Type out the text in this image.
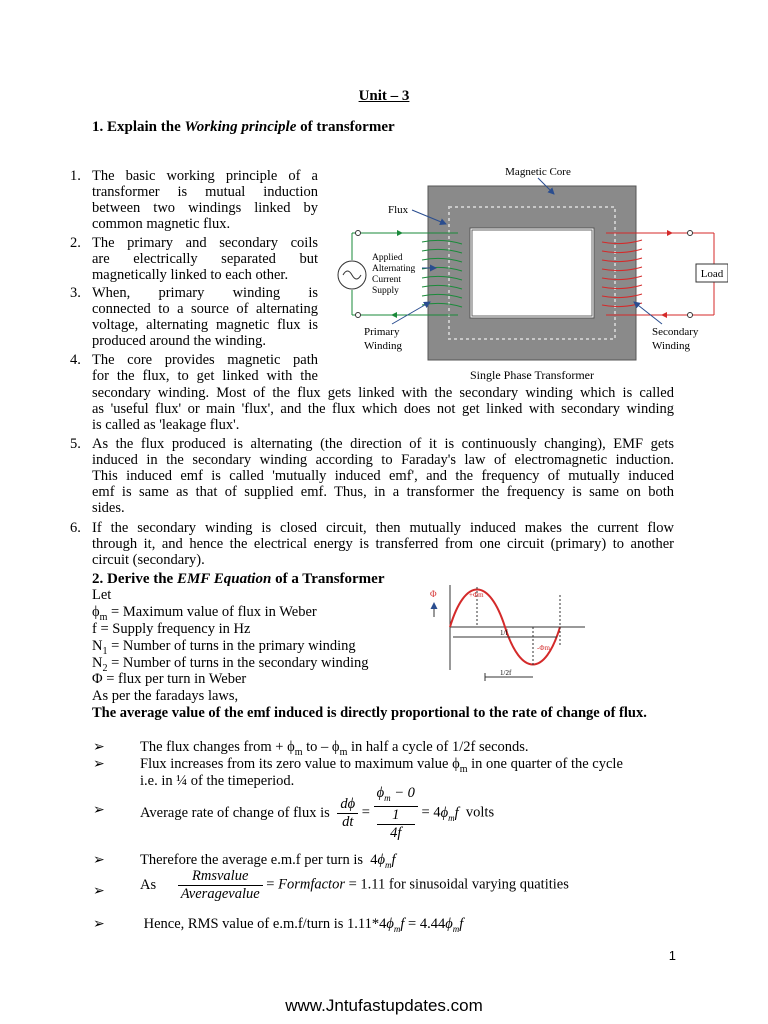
Unit – 3
1. Explain the Working principle of transformer
1. The basic working principle of a
transformer is mutual induction
between two windings linked by
common magnetic flux.
2. The primary and secondary coils
are electrically separated but
magnetically linked to each other.
3. When, primary winding is
connected to a source of alternating
voltage, alternating magnetic flux is
produced around the winding.
4. The core provides magnetic path
for the flux, to get linked with the
secondary winding. Most of the flux gets linked with the secondary winding which is called
as 'useful flux' or main 'flux', and the flux which does not get linked with secondary winding
is called as 'leakage flux'.
5. As the flux produced is alternating (the direction of it is continuously changing), EMF gets
induced in the secondary winding according to Faraday's law of electromagnetic induction.
This induced emf is called 'mutually induced emf', and the frequency of mutually induced
emf is same as that of supplied emf. Thus, in a transformer the frequency is same on both
sides.
6. If the secondary winding is closed circuit, then mutually induced makes the current flow
through it, and hence the electrical energy is transferred from one circuit (primary) to another
circuit (secondary).
Load
Magnetic Core
Flux
Applied
Alternating
Current
Supply
Primary
Winding
Secondary
Winding
Single Phase Transformer
2. Derive the EMF Equation of a Transformer
Let
$\phi_m$ = Maximum value of flux in Weber
f = Supply frequency in Hz
$N_1$ = Number of turns in the primary winding
$N_2$ = Number of turns in the secondary winding
Φ = flux per turn in Weber
As per the faradays laws,
Φ	+Φm
-Φm
1/f
1/2f
The average value of the emf induced is directly proportional to the rate of change of flux.
➢ The flux changes from + $\phi_m$ to – $\phi_m$ in half a cycle of 1/2f seconds.
➢ Flux increases from its zero value to maximum value $\phi_m$ in one quarter of the cycle
i.e. in ¼ of the timeperiod.
➢ Average rate of change of flux is $\frac{d\phi}{dt} = \phi_m - 0$
1
$4f = 4\phi_mf$ volts
➢ Therefore the average e.m.f per turn is  $4\phi_mf$
➢ As $\frac{\text{Rmsvalue}}{\text{Averagevalue}}$ = Formfactor = 1.11 for sinusoidal varying quatities
➢	Hence, RMS value of e.m.f/turn is $1.11*4\phi_mf = 4.44\phi_mf$
1
www.Jntufastupdates.com
